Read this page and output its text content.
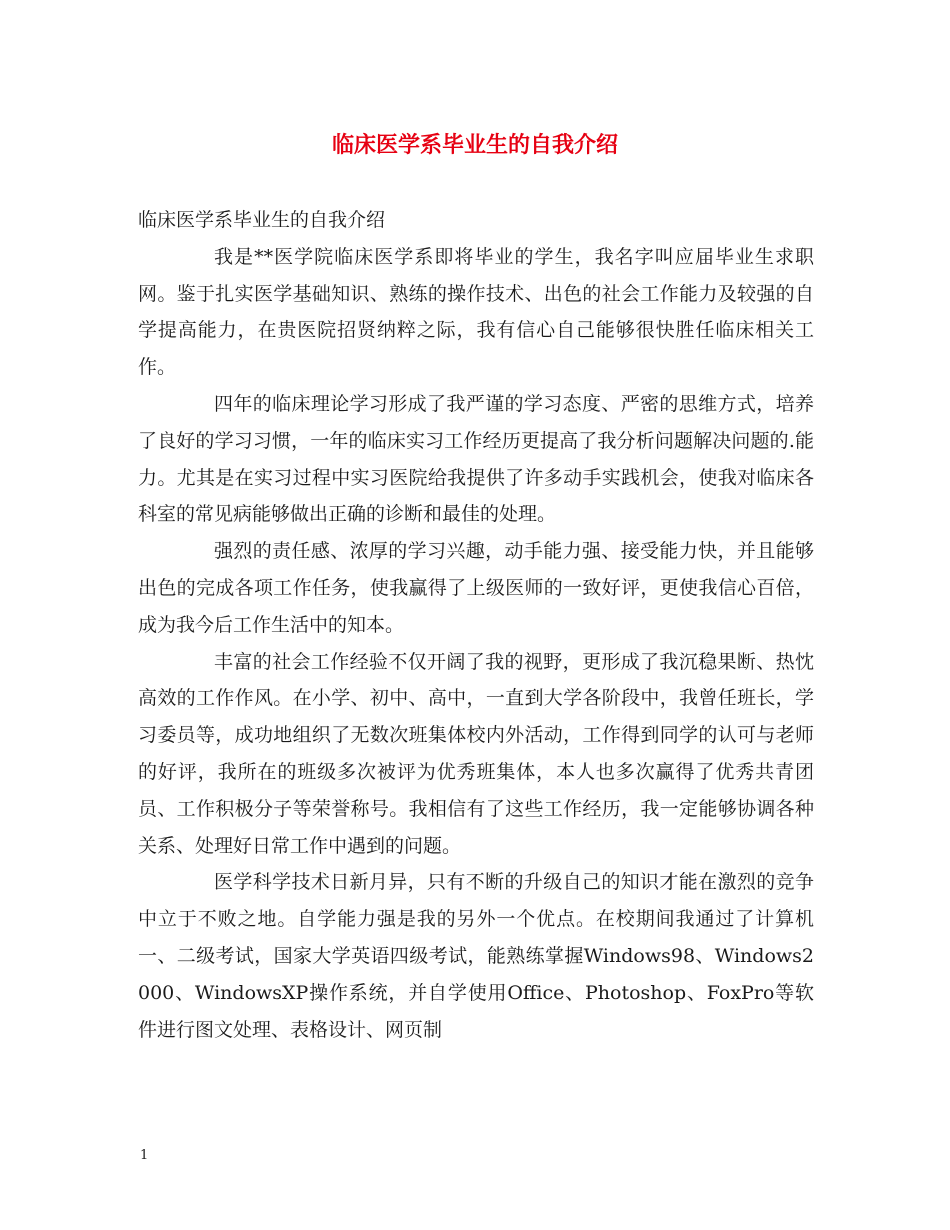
临床医学系毕业生的自我介绍

临床医学系毕业生的自我介绍

我是**医学院临床医学系即将毕业的学生，我名字叫应届毕业生求职网。鉴于扎实医学基础知识、熟练的操作技术、出色的社会工作能力及较强的自学提高能力，在贵医院招贤纳粹之际，我有信心自己能够很快胜任临床相关工作。

四年的临床理论学习形成了我严谨的学习态度、严密的思维方式，培养了良好的学习习惯，一年的临床实习工作经历更提高了我分析问题解决问题的.能力。尤其是在实习过程中实习医院给我提供了许多动手实践机会，使我对临床各科室的常见病能够做出正确的诊断和最佳的处理。

强烈的责任感、浓厚的学习兴趣，动手能力强、接受能力快，并且能够出色的完成各项工作任务，使我赢得了上级医师的一致好评，更使我信心百倍，成为我今后工作生活中的知本。

丰富的社会工作经验不仅开阔了我的视野，更形成了我沉稳果断、热忱高效的工作作风。在小学、初中、高中，一直到大学各阶段中，我曾任班长，学习委员等，成功地组织了无数次班集体校内外活动，工作得到同学的认可与老师的好评，我所在的班级多次被评为优秀班集体，本人也多次赢得了优秀共青团员、工作积极分子等荣誉称号。我相信有了这些工作经历，我一定能够协调各种关系、处理好日常工作中遇到的问题。

医学科学技术日新月异，只有不断的升级自己的知识才能在激烈的竞争中立于不败之地。自学能力强是我的另外一个优点。在校期间我通过了计算机一、二级考试，国家大学英语四级考试，能熟练掌握Windows98、Windows2000、WindowsXP操作系统，并自学使用Office、Photoshop、FoxPro等软件进行图文处理、表格设计、网页制

1
